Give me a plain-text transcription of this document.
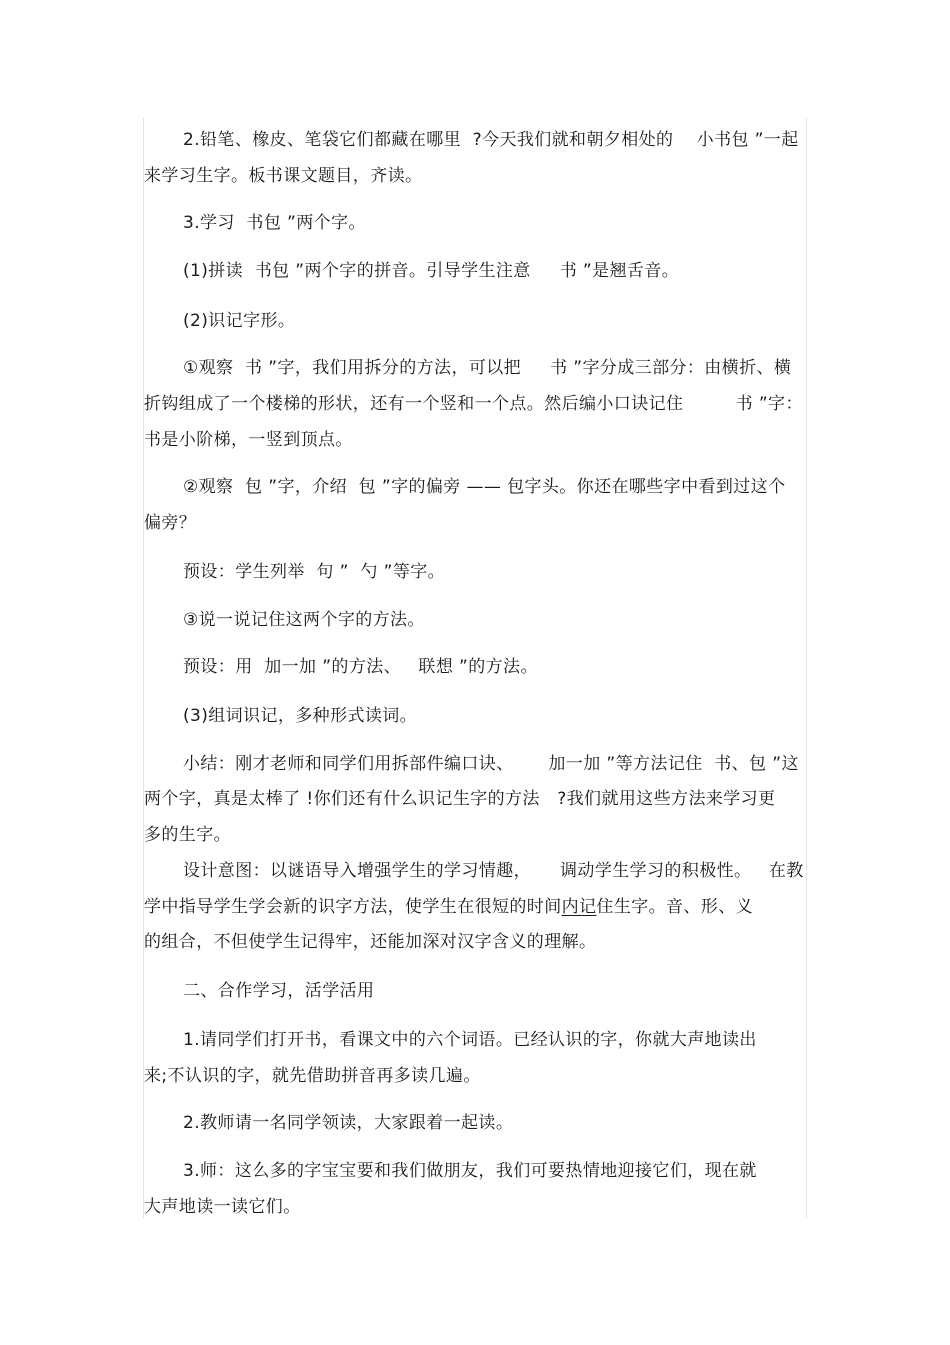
2.铅笔、橡皮、笔袋它们都藏在哪里  ?今天我们就和朝夕相处的    小书包 ”一起
来学习生字。板书课文题目，齐读。
3.学习  书包 ”两个字。
(1)拼读  书包 ”两个字的拼音。引导学生注意     书 ”是翘舌音。
(2)识记字形。
①观察  书 ”字，我们用拆分的方法，可以把     书 ”字分成三部分：由横折、横
折钩组成了一个楼梯的形状，还有一个竖和一个点。然后编小口诀记住         书 ”字：
书是小阶梯，一竖到顶点。
②观察  包 ”字，介绍  包 ”字的偏旁 —— 包字头。你还在哪些字中看到过这个
偏旁？
预设：学生列举  句 ”  勺 ”等字。
③说一说记住这两个字的方法。
预设：用  加一加 ”的方法、   联想 ”的方法。
(3)组词识记，多种形式读词。
小结：刚才老师和同学们用拆部件编口诀、      加一加 ”等方法记住  书、包 ”这
两个字，真是太棒了 !你们还有什么识记生字的方法   ?我们就用这些方法来学习更
多的生字。
设计意图：以谜语导入增强学生的学习情趣，     调动学生学习的积极性。   在教
学中指导学生学会新的识字方法，使学生在很短的时间内记住生字。音、形、义
的组合，不但使学生记得牢，还能加深对汉字含义的理解。
二、合作学习，活学活用
1.请同学们打开书，看课文中的六个词语。已经认识的字，你就大声地读出
来;不认识的字，就先借助拼音再多读几遍。
2.教师请一名同学领读，大家跟着一起读。
3.师：这么多的字宝宝要和我们做朋友，我们可要热情地迎接它们，现在就
大声地读一读它们。
